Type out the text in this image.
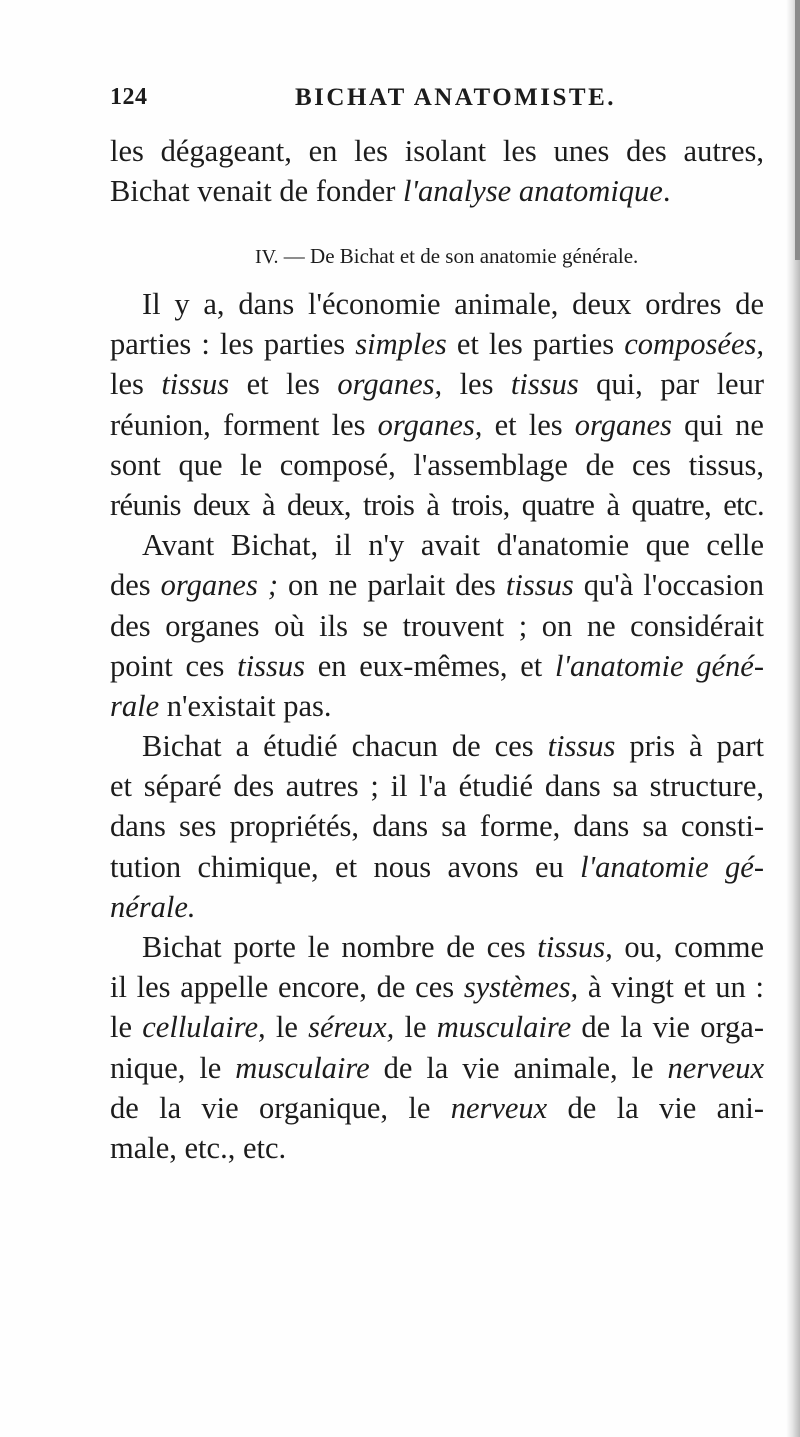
124	BICHAT ANATOMISTE.
les dégageant, en les isolant les unes des autres,
Bichat venait de fonder l'analyse anatomique.
IV. — De Bichat et de son anatomie générale.
Il y a, dans l'économie animale, deux ordres de
parties : les parties simples et les parties composées,
les tissus et les organes, les tissus qui, par leur
réunion, forment les organes, et les organes qui ne
sont que le composé, l'assemblage de ces tissus,
réunis deux à deux, trois à trois, quatre à quatre, etc.
Avant Bichat, il n'y avait d'anatomie que celle
des organes ; on ne parlait des tissus qu'à l'occasion
des organes où ils se trouvent ; on ne considérait
point ces tissus en eux-mêmes, et l'anatomie géné-
rale n'existait pas.
Bichat a étudié chacun de ces tissus pris à part
et séparé des autres ; il l'a étudié dans sa structure,
dans ses propriétés, dans sa forme, dans sa consti-
tution chimique, et nous avons eu l'anatomie gé-
nérale.
Bichat porte le nombre de ces tissus, ou, comme
il les appelle encore, de ces systèmes, à vingt et un :
le cellulaire, le séreux, le musculaire de la vie orga-
nique, le musculaire de la vie animale, le nerveux
de la vie organique, le nerveux de la vie ani-
male, etc., etc.
